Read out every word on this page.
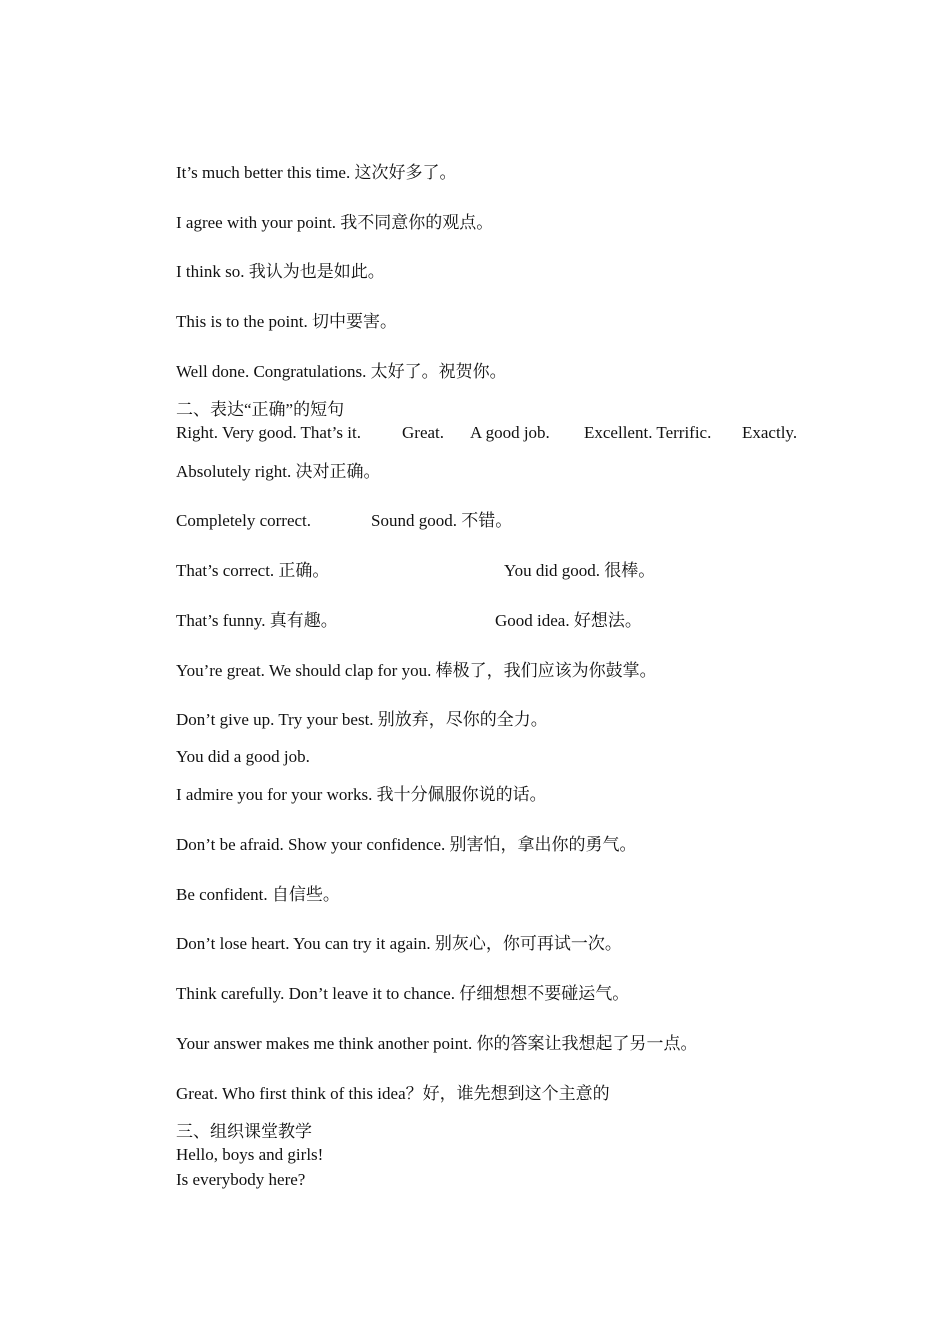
It’s much better this time. 这次好多了。
I agree with your point. 我不同意你的观点。
I think so. 我认为也是如此。
This is to the point. 切中要害。
Well done. Congratulations. 太好了。祝贺你。
二、表达“正确”的短句
Right. Very good. That’s it. Great. A good job. Excellent. Terrific. Exactly.
Absolutely right. 决对正确。
Completely correct.	Sound good. 不错。
That’s correct. 正确。	You did good. 很棒。
That’s funny. 真有趣。	Good idea. 好想法。
You’re great. We should clap for you. 棒极了，我们应该为你鼓掌。
Don’t give up. Try your best. 别放弃，尽你的全力。
You did a good job.
I admire you for your works. 我十分佩服你说的话。
Don’t be afraid. Show your confidence. 别害怕，拿出你的勇气。
Be confident. 自信些。
Don’t lose heart. You can try it again. 别灰心，你可再试一次。
Think carefully. Don’t leave it to chance. 仔细想想不要碰运气。
Your answer makes me think another point. 你的答案让我想起了另一点。
Great. Who first think of this idea？好，谁先想到这个主意的
三、组织课堂教学
Hello, boys and girls!
Is everybody here?
